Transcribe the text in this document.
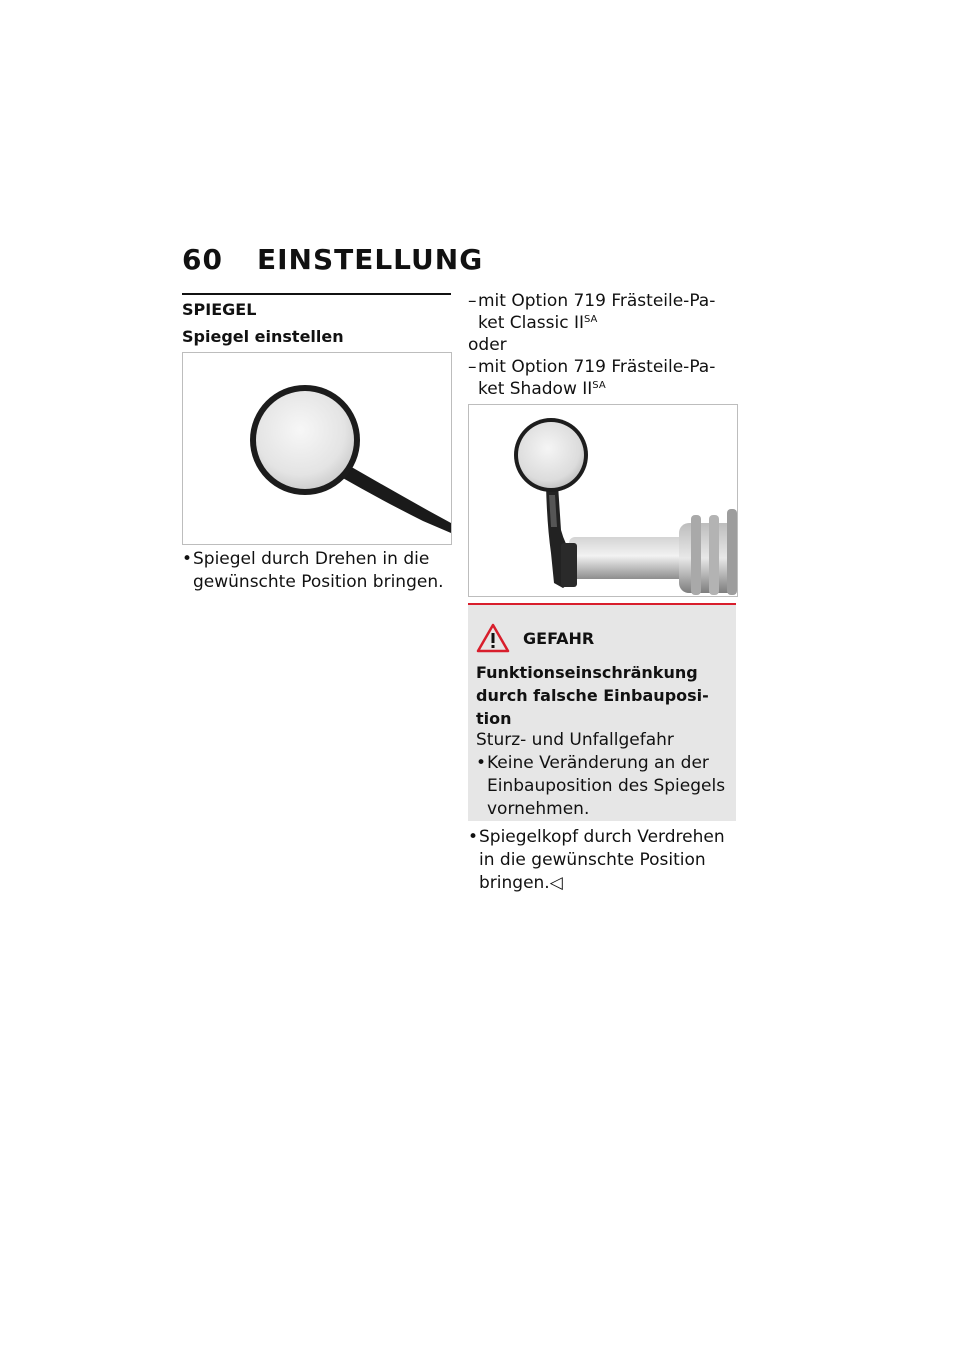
60 EINSTELLUNG
SPIEGEL
Spiegel einstellen
• Spiegel durch Drehen in die
gewünschte Position bringen.
– mit Option 719 Frästeile-Pa-
ket Classic $II^{SA}$
oder
– mit Option 719 Frästeile-Pa-
ket Shadow $II^{SA}$
GEFAHR
Funktionseinschränkung
durch falsche Einbauposi-
tion
Sturz- und Unfallgefahr
• Keine Veränderung an der
Einbauposition des Spiegels
vornehmen.
• Spiegelkopf durch Verdrehen
in die gewünschte Position
bringen.◁
